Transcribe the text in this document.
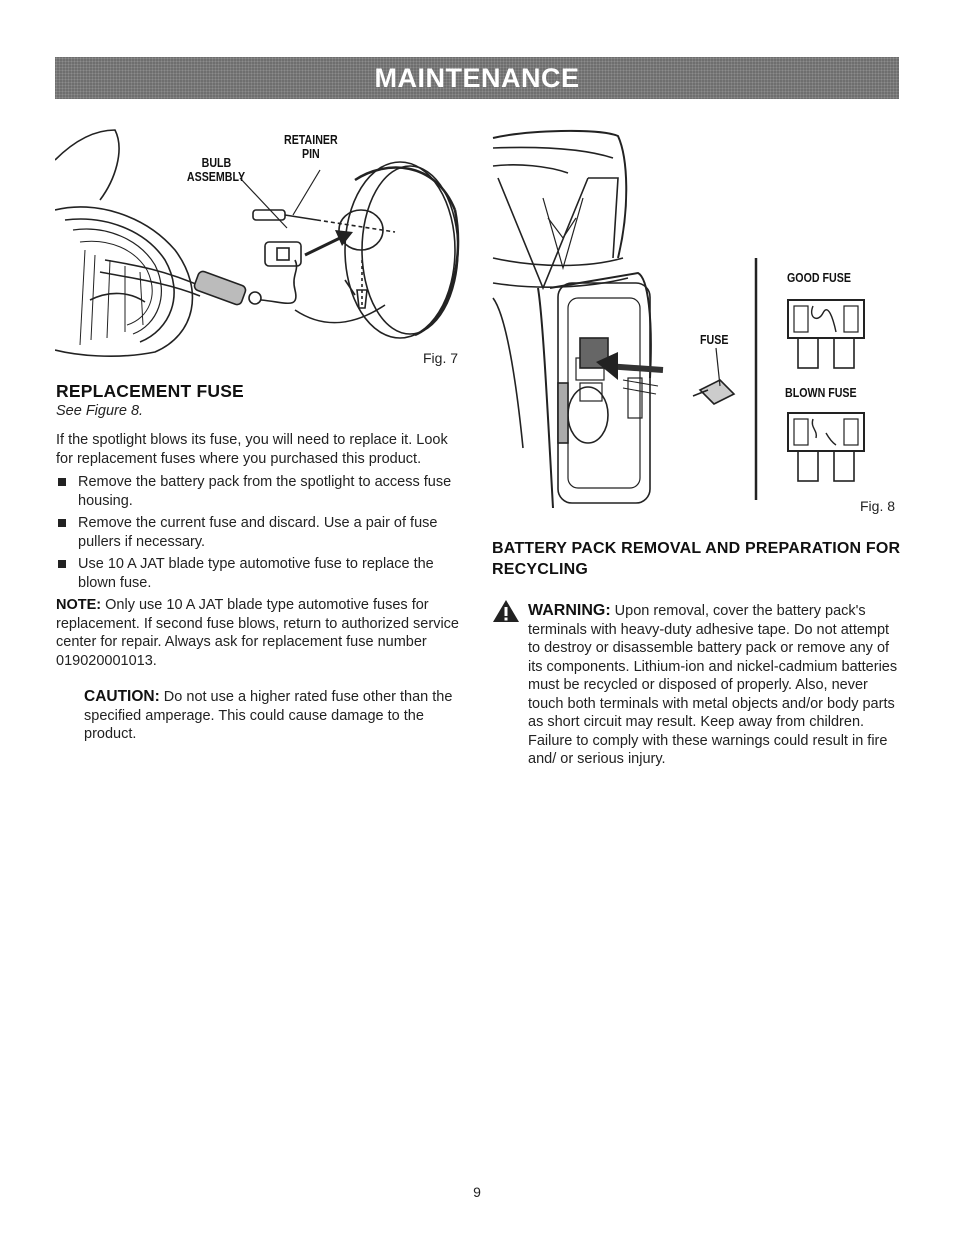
MAINTENANCE
RETAINER
PIN
BULB
ASSEMBLY
Fig. 7
FUSE
GOOD FUSE
BLOWN FUSE
Fig. 8
REPLACEMENT FUSE
See Figure 8.

If the spotlight blows its fuse, you will need to replace it. Look for replacement fuses where you purchased this product.

Remove the battery pack from the spotlight to access fuse housing.
Remove the current fuse and discard. Use a pair of fuse pullers if necessary.
Use 10 A JAT blade type automotive fuse to replace the blown fuse.

NOTE: Only use 10 A JAT blade type automotive fuses for replacement. If second fuse blows, return to authorized service center for repair. Always ask for replacement fuse number 019020001013.

CAUTION: Do not use a higher rated fuse other than the specified amperage. This could cause damage to the product.

BATTERY PACK REMOVAL AND PREPARATION FOR RECYCLING

WARNING: Upon removal, cover the battery pack's terminals with heavy-duty adhesive tape. Do not attempt to destroy or disassemble battery pack or remove any of its components. Lithium-ion and nickel-cadmium batteries must be recycled or disposed of properly. Also, never touch both terminals with metal objects and/or body parts as short circuit may result. Keep away from children. Failure to comply with these warnings could result in fire and/ or serious injury.

9
